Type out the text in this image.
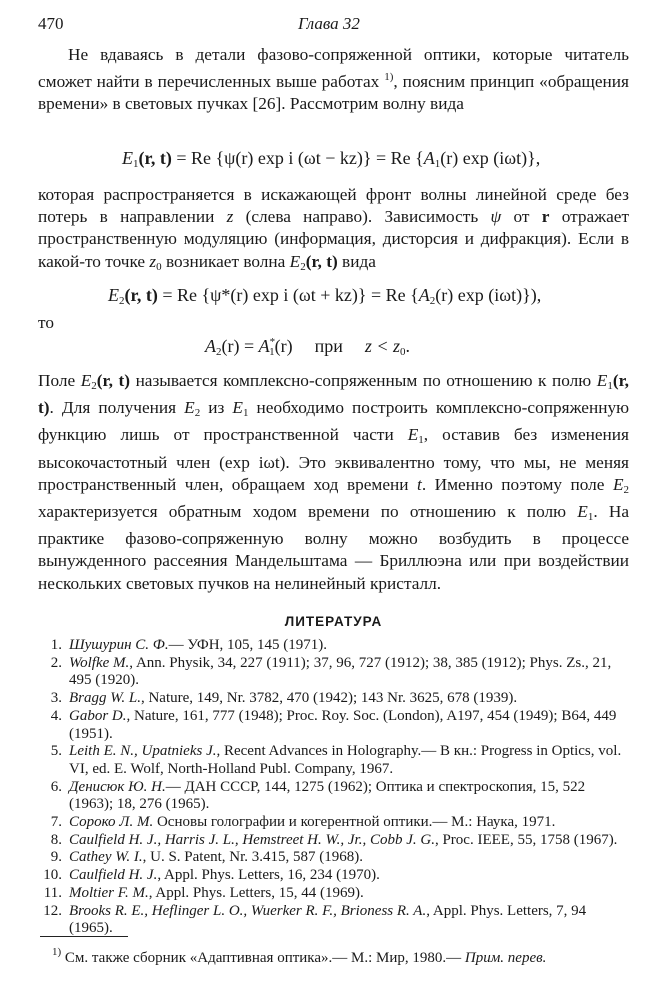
470	Глава 32

Не вдаваясь в детали фазово-сопряженной оптики, которые читатель сможет найти в перечисленных выше работах $^{1)}$, поясним принцип «обращения времени» в световых пучках [26]. Рассмотрим волну вида

$E_1(r$, t) = Re {ψ(r) exp i (ωt − kz)} = Re {$A_1(r)$ exp (iωt)},

которая распространяется в искажающей фронт волны линейной среде без потерь в направлении z (слева направо). Зависимость ψ от r отражает пространственную модуляцию (информация, дисторсия и дифракция). Если в какой-то точке $z_0$ возникает волна $E_2(r$, t) вида

$E_2(r$, t) = Re {ψ*(r) exp i (ωt + kz)} = Re {$A_2(r)$ exp (iωt)}),
то
$A_2(r) = A^*_1(r)$ при $z < z_0$.

Поле $E_2(r$, t) называется комплексно-сопряженным по отношению к полю $E_1(r$, t). Для получения $E_2$ из $E_1$ необходимо построить комплексно-сопряженную функцию лишь от пространственной части $E_1$, оставив без изменения высокочастотный член (exp iωt). Это эквивалентно тому, что мы, не меняя пространственный член, обращаем ход времени t. Именно поэтому поле $E_2$ характеризуется обратным ходом времени по отношению к полю $E_1$. На практике фазово-сопряженную волну можно возбудить в процессе вынужденного рассеяния Мандельштама — Бриллюэна или при воздействии нескольких световых пучков на нелинейный кристалл.

ЛИТЕРАТУРА
1. Шушурин С. Ф.— УФН, 105, 145 (1971).
2. Wolfke M., Ann. Physik, 34, 227 (1911); 37, 96, 727 (1912); 38, 385 (1912); Phys. Zs., 21, 495 (1920).
3. Bragg W. L., Nature, 149, Nr. 3782, 470 (1942); 143 Nr. 3625, 678 (1939).
4. Gabor D., Nature, 161, 777 (1948); Proc. Roy. Soc. (London), A197, 454 (1949); B64, 449 (1951).
5. Leith E. N., Upatnieks J., Recent Advances in Holography.— В кн.: Progress in Optics, vol. VI, ed. E. Wolf, North-Holland Publ. Company, 1967.
6. Денисюк Ю. Н.— ДАН СССР, 144, 1275 (1962); Оптика и спектроскопия, 15, 522 (1963); 18, 276 (1965).
7. Сороко Л. М. Основы голографии и когерентной оптики.— М.: Наука, 1971.
8. Caulfield H. J., Harris J. L., Hemstreet H. W., Jr., Cobb J. G., Proc. IEEE, 55, 1758 (1967).
9. Cathey W. I., U. S. Patent, Nr. 3.415, 587 (1968).
10. Caulfield H. J., Appl. Phys. Letters, 16, 234 (1970).
11. Moltier F. M., Appl. Phys. Letters, 15, 44 (1969).
12. Brooks R. E., Heflinger L. O., Wuerker R. F., Brioness R. A., Appl. Phys. Letters, 7, 94 (1965).
$^{1)}$ См. также сборник «Адаптивная оптика».— М.: Мир, 1980.— Прим. перев.
